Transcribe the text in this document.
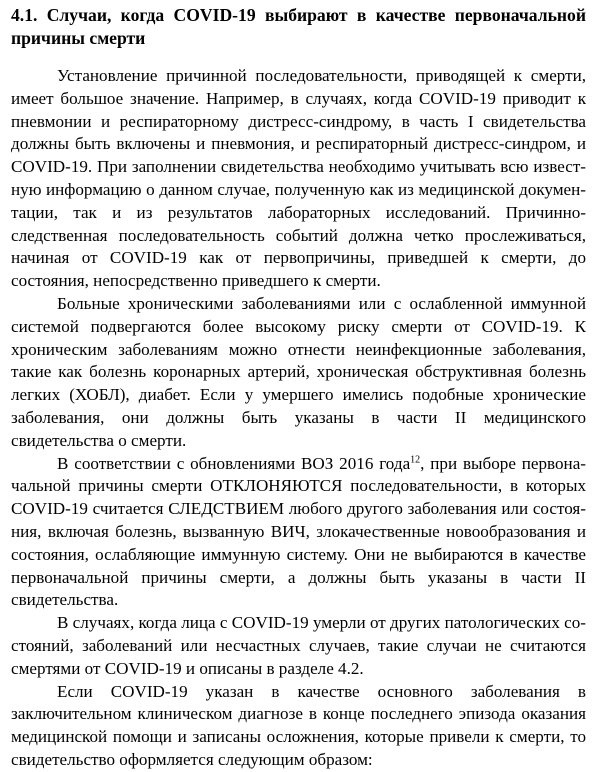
4.1. Случаи, когда COVID-19 выбирают в качестве первоначальной причины смерти

Установление причинной последовательности, приводящей к смерти, имеет большое значение. Например, в случаях, когда COVID-19 приводит к пневмонии и респираторному дистресс-синдрому, в часть I свидетельства должны быть включены и пневмония, и респираторный дистресс-синдром, и COVID-19. При заполнении свидетельства необходимо учитывать всю известную информацию о данном случае, полученную как из медицинской документации, так и из результатов лабораторных исследований. Причинно-следственная последовательность событий должна четко прослеживаться, начиная от COVID-19 как от первопричины, приведшей к смерти, до состояния, непосредственно приведшего к смерти.

Больные хроническими заболеваниями или с ослабленной иммунной системой подвергаются более высокому риску смерти от COVID-19. К хроническим заболеваниям можно отнести неинфекционные заболевания, такие как болезнь коронарных артерий, хроническая обструктивная болезнь легких (ХОБЛ), диабет. Если у умершего имелись подобные хронические заболевания, они должны быть указаны в части II медицинского свидетельства о смерти.

В соответствии с обновлениями ВОЗ 2016 года$^{12}$, при выборе первоначальной причины смерти ОТКЛОНЯЮТСЯ последовательности, в которых COVID-19 считается СЛЕДСТВИЕМ любого другого заболевания или состояния, включая болезнь, вызванную ВИЧ, злокачественные новообразования и состояния, ослабляющие иммунную систему. Они не выбираются в качестве первоначальной причины смерти, а должны быть указаны в части II свидетельства.

В случаях, когда лица с COVID-19 умерли от других патологических состояний, заболеваний или несчастных случаев, такие случаи не считаются смертями от COVID-19 и описаны в разделе 4.2.

Если COVID-19 указан в качестве основного заболевания в заключительном клиническом диагнозе в конце последнего эпизода оказания медицинской помощи и записаны осложнения, которые привели к смерти, то свидетельство оформляется следующим образом:
